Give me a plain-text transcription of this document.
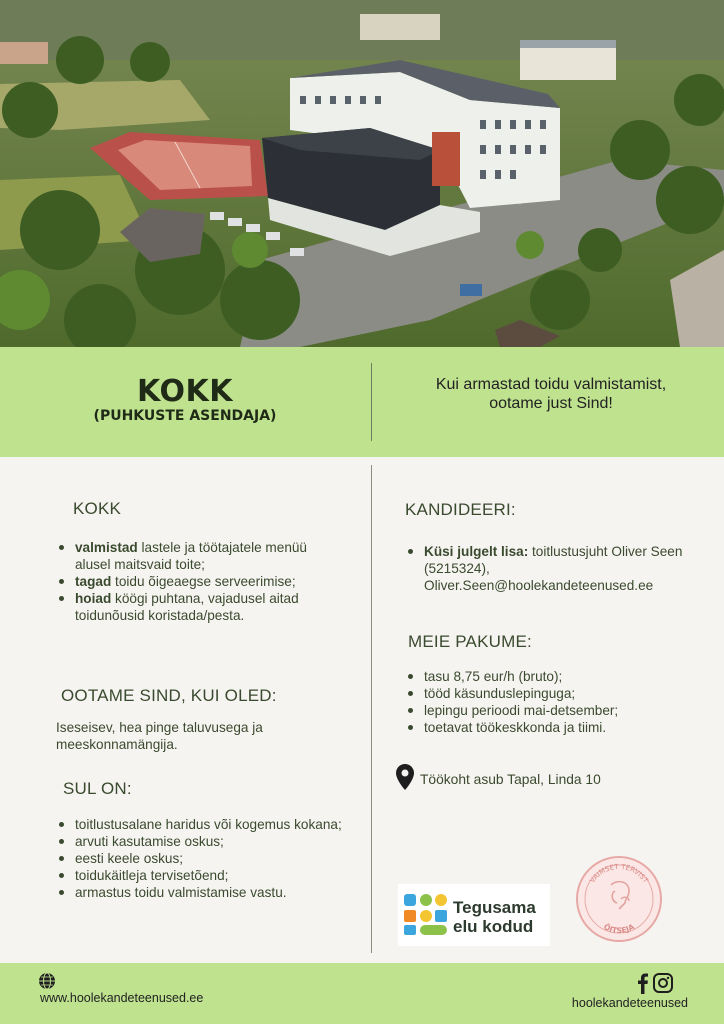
KOKK
(PUHKUSTE ASENDAJA)
Kui armastad toidu valmistamist, ootame just Sind!
KOKK
valmistad lastele ja töötajatele menüü alusel maitsvaid toite;
tagad toidu õigeaegse serveerimise;
hoiad köögi puhtana, vajadusel aitad toidunõusid koristada/pesta.
OOTAME SIND, KUI OLED:
Iseseisev, hea pinge taluvusega ja meeskonnamängija.
SUL ON:
toitlustusalane haridus või kogemus kokana;
arvuti kasutamise oskus;
eesti keele oskus;
toidukäitleja tervisetõend;
armastus toidu valmistamise vastu.
KANDIDEERI:
Küsi julgelt lisa: toitlustusjuht Oliver Seen (5215324), Oliver.Seen@hoolekandeteenused.ee
MEIE PAKUME:
tasu 8,75 eur/h (bruto);
tööd käsunduslepinguga;
lepingu perioodi mai-detsember;
toetavat töökeskkonda ja tiimi.
Töökoht asub Tapal, Linda 10
Tegusama
elu kodud
VAIMSET TERVIST
ÕITSEJA
www.hoolekandeteenused.ee	hoolekandeteenused
